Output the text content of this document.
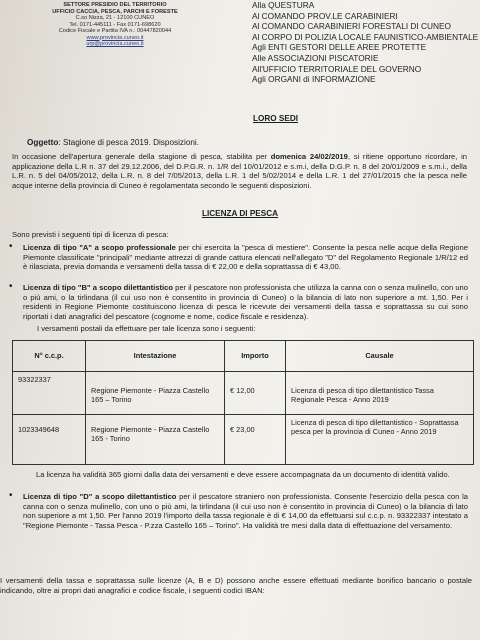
SETTORE PRESIDIO DEL TERRITORIO
UFFICIO CACCIA, PESCA, PARCHI E FORESTE
C.so Nizza, 21 - 12100 CUNEO
Tel. 0171-445111 - Fax 0171-698620
Codice Fiscale e Partita IVA n.: 00447820044
www.provincia.cuneo.it
urp@provincia.cuneo.it
Alla QUESTURA
Al COMANDO PROV.LE CARABINIERI
Al COMANDO CARABINIERI FORESTALI DI CUNEO
Al CORPO DI POLIZIA LOCALE FAUNISTICO-AMBIENTALE
Agli ENTI GESTORI DELLE AREE PROTETTE
Alle ASSOCIAZIONI PISCATORIE
All'UFFICIO TERRITORIALE DEL GOVERNO
Agli ORGANI di INFORMAZIONE
LORO SEDI
Oggetto: Stagione di pesca 2019. Disposizioni.
In occasione dell'apertura generale della stagione di pesca, stabilita per domenica 24/02/2019, si ritiene opportuno ricordare, in applicazione della L.R n. 37 del 29.12.2006, del D.P.G.R. n. 1/R del 10/01/2012 e s.m.i, della D.G.P. n. 8 del 20/01/2009 e s.m.i., della L.R. n. 5 del 04/05/2012, della L.R. n. 8 del 7/05/2013, della L.R. 1 del 5/02/2014 e della L.R. 1 del 27/01/2015 che la pesca nelle acque interne della provincia di Cuneo è regolamentata secondo le seguenti disposizioni.
LICENZA DI PESCA
Sono previsti i seguenti tipi di licenza di pesca:
• Licenza di tipo "A" a scopo professionale per chi esercita la "pesca di mestiere". Consente la pesca nelle acque della Regione Piemonte classificate "principali" mediante attrezzi di grande cattura elencati nell'allegato "D" del Regolamento Regionale 1/R/12 ed è rilasciata, previa domanda e versamenti della tassa di € 22,00 e della soprattassa di € 43,00.
• Licenza di tipo "B" a scopo dilettantistico per il pescatore non professionista che utilizza la canna con o senza mulinello, con uno o più ami, o la tirlindana (il cui uso non è consentito in provincia di Cuneo) o la bilancia di lato non superiore a mt. 1,50. Per i residenti in Regione Piemonte costituiscono licenza di pesca le ricevute dei versamenti della tassa e soprattassa su cui sono riportati i dati anagrafici del pescatore (cognome e nome, codice fiscale e residenza).
I versamenti postali da effettuare per tale licenza sono i seguenti:
N° c.c.p.	Intestazione	Importo	Causale
93322337	Regione Piemonte - Piazza Castello 165 – Torino	€ 12,00	Licenza di pesca di tipo dilettantistico Tassa Regionale Pesca - Anno 2019
1023349648	Regione Piemonte - Piazza Castello 165 - Torino	€ 23,00	Licenza di pesca di tipo dilettantistico - Soprattassa pesca per la provincia di Cuneo - Anno 2019
La licenza ha validità 365 giorni dalla data dei versamenti e deve essere accompagnata da un documento di identità valido.
• Licenza di tipo "D" a scopo dilettantistico per il pescatore straniero non professionista. Consente l'esercizio della pesca con la canna con o senza mulinello, con uno o più ami, la tirlindana (il cui uso non è consentito in provincia di Cuneo) o la bilancia di lato non superiore a mt 1,50. Per l'anno 2019 l'importo della tassa regionale è di € 14,00 da effettuarsi sul c.c.p. n. 93322337 intestato a "Regione Piemonte - Tassa Pesca - P.zza Castello 165 – Torino". Ha validità tre mesi dalla data di effettuazione del versamento.
I versamenti della tassa e soprattassa sulle licenze (A, B e D) possono anche essere effettuati mediante bonifico bancario o postale indicando, oltre ai propri dati anagrafici e codice fiscale, i seguenti codici IBAN:
